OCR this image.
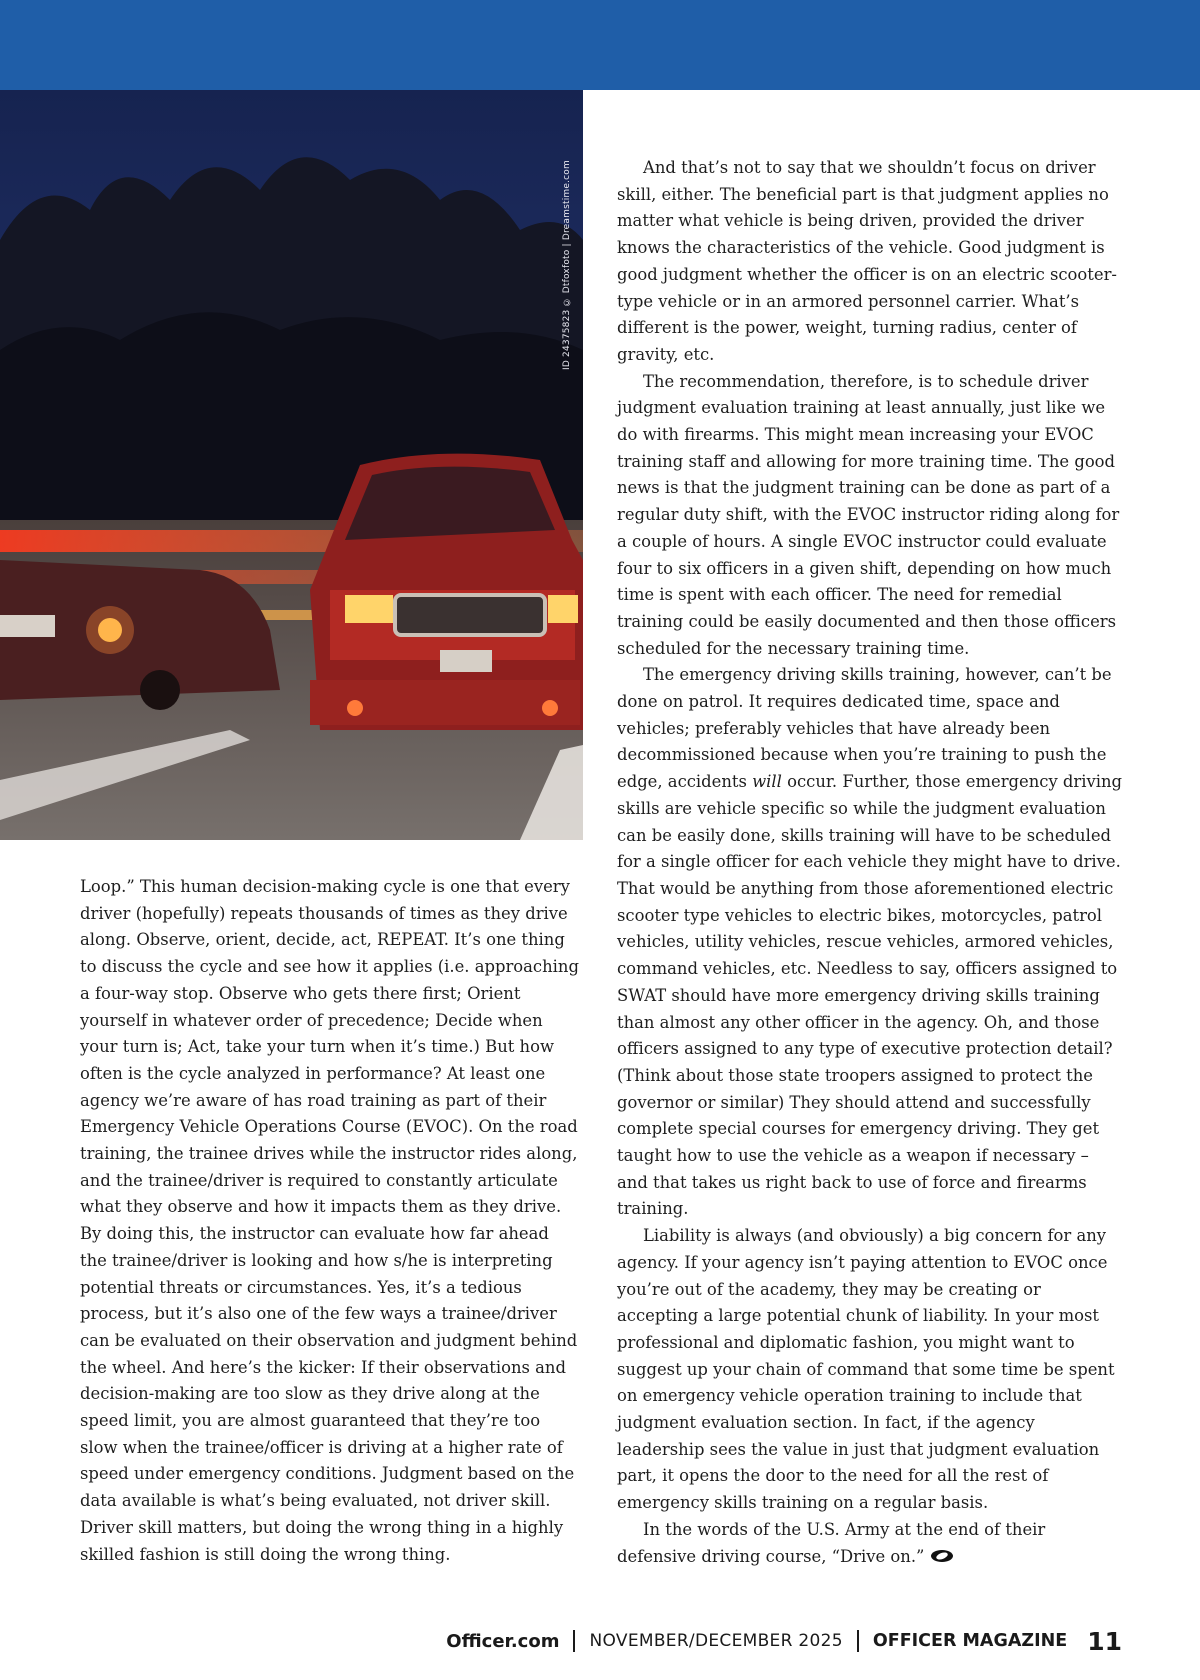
ID 24375823 © Dtfoxfoto | Dreamstime.com

Loop.” This human decision-making cycle is one that every driver (hopefully) repeats thousands of times as they drive along. Observe, orient, decide, act, REPEAT. It’s one thing to discuss the cycle and see how it applies (i.e. approaching a four-way stop. Observe who gets there first; Orient yourself in whatever order of precedence; Decide when your turn is; Act, take your turn when it’s time.) But how often is the cycle analyzed in performance? At least one agency we’re aware of has road training as part of their Emergency Vehicle Operations Course (EVOC). On the road training, the trainee drives while the instructor rides along, and the trainee/driver is required to constantly articulate what they observe and how it impacts them as they drive. By doing this, the instructor can evaluate how far ahead the trainee/driver is looking and how s/he is interpreting potential threats or circumstances. Yes, it’s a tedious process, but it’s also one of the few ways a trainee/driver can be evaluated on their observation and judgment behind the wheel. And here’s the kicker: If their observations and decision-making are too slow as they drive along at the speed limit, you are almost guaranteed that they’re too slow when the trainee/officer is driving at a higher rate of speed under emergency conditions. Judgment based on the data available is what’s being evaluated, not driver skill. Driver skill matters, but doing the wrong thing in a highly skilled fashion is still doing the wrong thing.

And that’s not to say that we shouldn’t focus on driver skill, either. The beneficial part is that judgment applies no matter what vehicle is being driven, provided the driver knows the characteristics of the vehicle. Good judgment is good judgment whether the officer is on an electric scooter-type vehicle or in an armored personnel carrier. What’s different is the power, weight, turning radius, center of gravity, etc.

The recommendation, therefore, is to schedule driver judgment evaluation training at least annually, just like we do with firearms. This might mean increasing your EVOC training staff and allowing for more training time. The good news is that the judgment training can be done as part of a regular duty shift, with the EVOC instructor riding along for a couple of hours. A single EVOC instructor could evaluate four to six officers in a given shift, depending on how much time is spent with each officer. The need for remedial training could be easily documented and then those officers scheduled for the necessary training time.

The emergency driving skills training, however, can’t be done on patrol. It requires dedicated time, space and vehicles; preferably vehicles that have already been decommissioned because when you’re training to push the edge, accidents will occur. Further, those emergency driving skills are vehicle specific so while the judgment evaluation can be easily done, skills training will have to be scheduled for a single officer for each vehicle they might have to drive. That would be anything from those aforementioned electric scooter type vehicles to electric bikes, motorcycles, patrol vehicles, utility vehicles, rescue vehicles, armored vehicles, command vehicles, etc. Needless to say, officers assigned to SWAT should have more emergency driving skills training than almost any other officer in the agency. Oh, and those officers assigned to any type of executive protection detail? (Think about those state troopers assigned to protect the governor or similar) They should attend and successfully complete special courses for emergency driving. They get taught how to use the vehicle as a weapon if necessary – and that takes us right back to use of force and firearms training.

Liability is always (and obviously) a big concern for any agency. If your agency isn’t paying attention to EVOC once you’re out of the academy, they may be creating or accepting a large potential chunk of liability. In your most professional and diplomatic fashion, you might want to suggest up your chain of command that some time be spent on emergency vehicle operation training to include that judgment evaluation section. In fact, if the agency leadership sees the value in just that judgment evaluation part, it opens the door to the need for all the rest of emergency skills training on a regular basis.

In the words of the U.S. Army at the end of their defensive driving course, “Drive on.”

Officer.com NOVEMBER/DECEMBER 2025 OFFICER MAGAZINE 11
